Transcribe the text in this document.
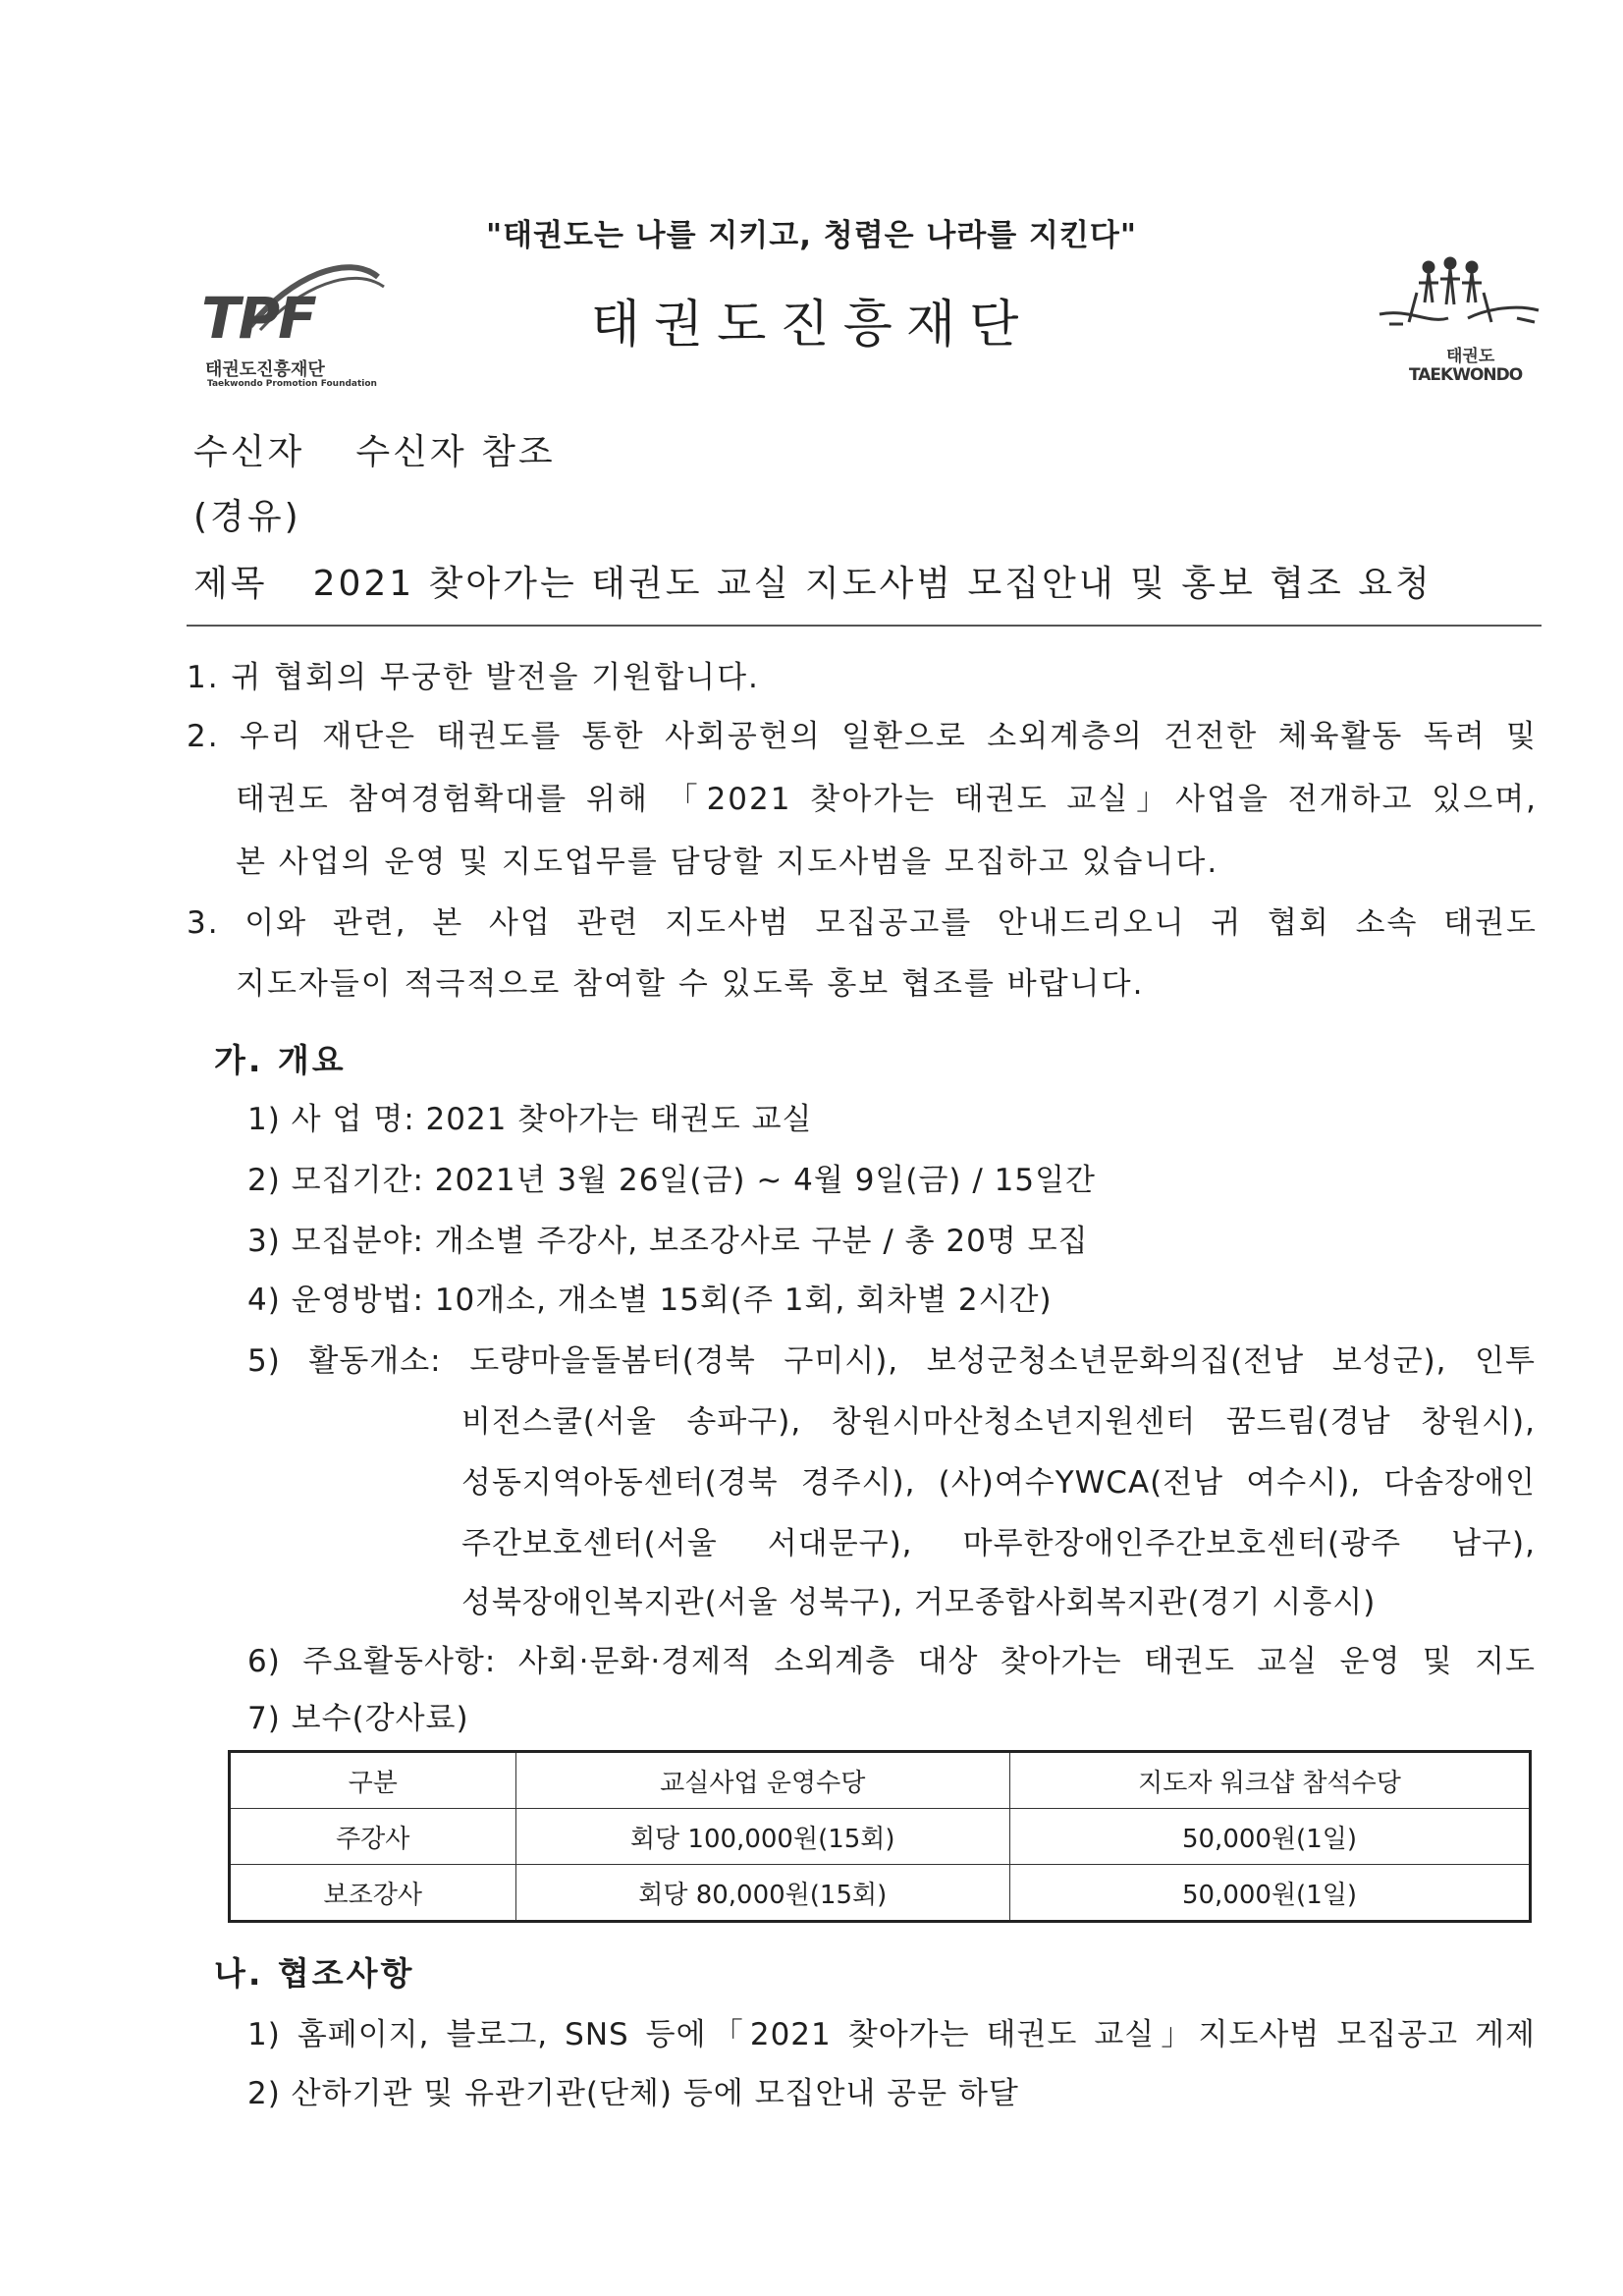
"태권도는 나를 지키고, 청렴은 나라를 지킨다"
TPF
태권도진흥재단
Taekwondo Promotion Foundation
태권도진흥재단
태권도
TAEKWONDO
수신자 수신자 참조
(경유)
제목 2021 찾아가는 태권도 교실 지도사범 모집안내 및 홍보 협조 요청
1. 귀 협회의 무궁한 발전을 기원합니다.
2. 우리 재단은 태권도를 통한 사회공헌의 일환으로 소외계층의 건전한 체육활동 독려 및
태권도 참여경험확대를 위해 「2021 찾아가는 태권도 교실」사업을 전개하고 있으며,
본 사업의 운영 및 지도업무를 담당할 지도사범을 모집하고 있습니다.
3. 이와 관련, 본 사업 관련 지도사범 모집공고를 안내드리오니 귀 협회 소속 태권도
지도자들이 적극적으로 참여할 수 있도록 홍보 협조를 바랍니다.
가. 개요
1) 사 업 명: 2021 찾아가는 태권도 교실
2) 모집기간: 2021년 3월 26일(금) ~ 4월 9일(금) / 15일간
3) 모집분야: 개소별 주강사, 보조강사로 구분 / 총 20명 모집
4) 운영방법: 10개소, 개소별 15회(주 1회, 회차별 2시간)
5) 활동개소: 도량마을돌봄터(경북 구미시), 보성군청소년문화의집(전남 보성군), 인투
비전스쿨(서울 송파구), 창원시마산청소년지원센터 꿈드림(경남 창원시),
성동지역아동센터(경북 경주시), (사)여수YWCA(전남 여수시), 다솜장애인
주간보호센터(서울 서대문구), 마루한장애인주간보호센터(광주 남구),
성북장애인복지관(서울 성북구), 거모종합사회복지관(경기 시흥시)
6) 주요활동사항: 사회·문화·경제적 소외계층 대상 찾아가는 태권도 교실 운영 및 지도
7) 보수(강사료)
구분	교실사업 운영수당	지도자 워크샵 참석수당
주강사	회당 100,000원(15회)	50,000원(1일)
보조강사	회당 80,000원(15회)	50,000원(1일)
나. 협조사항
1) 홈페이지, 블로그, SNS 등에「2021 찾아가는 태권도 교실」지도사범 모집공고 게제
2) 산하기관 및 유관기관(단체) 등에 모집안내 공문 하달
